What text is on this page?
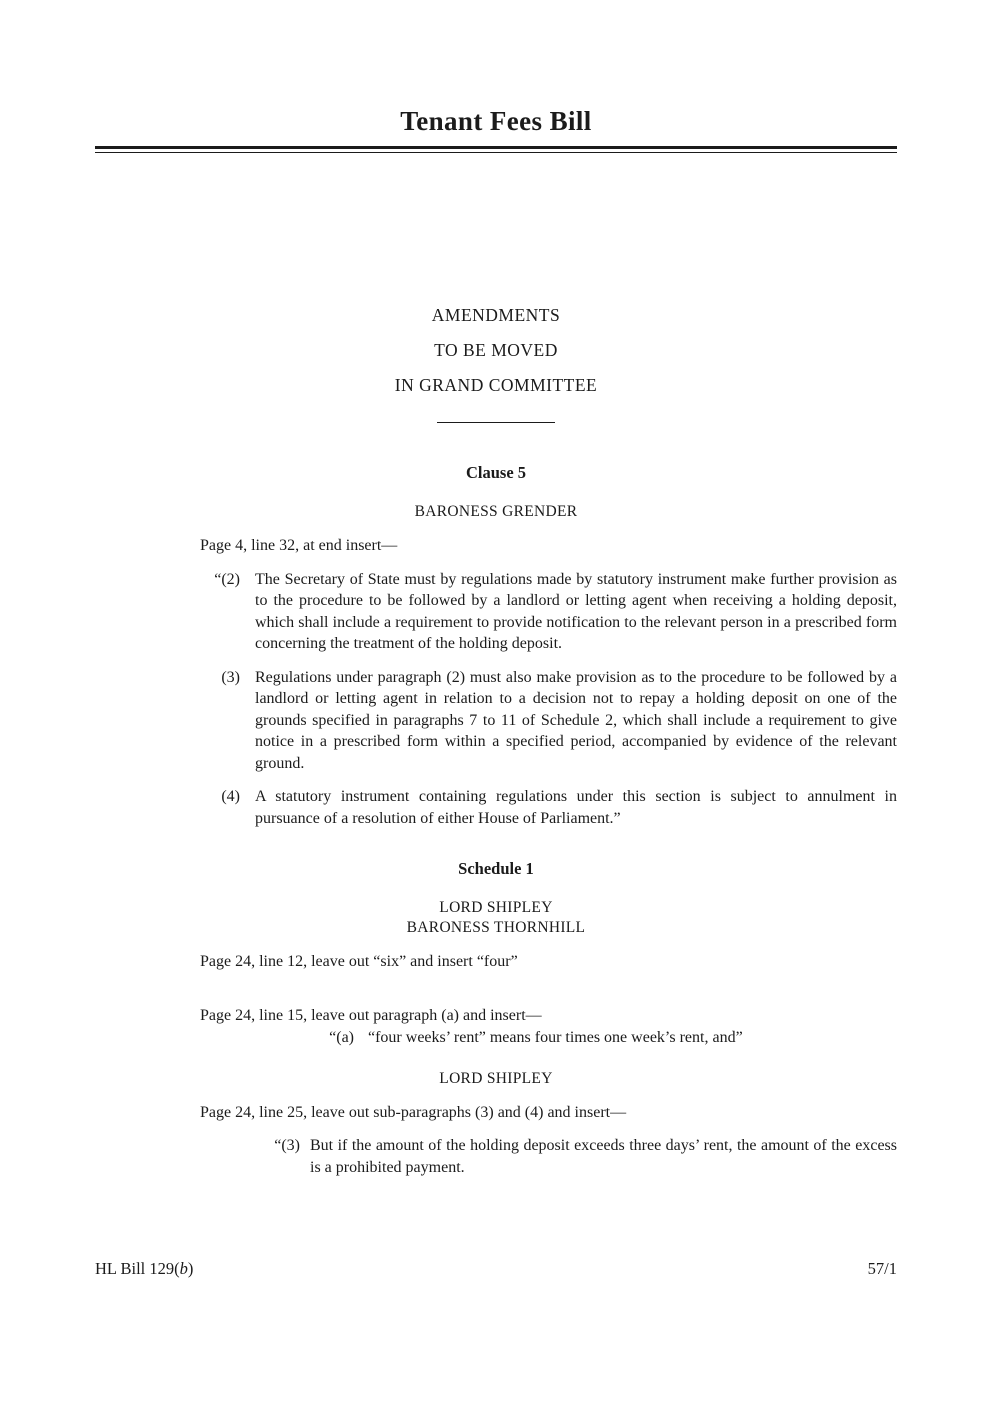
Tenant Fees Bill
AMENDMENTS
TO BE MOVED
IN GRAND COMMITTEE
Clause 5
BARONESS GRENDER
Page 4, line 32, at end insert—
“(2) The Secretary of State must by regulations made by statutory instrument make further provision as to the procedure to be followed by a landlord or letting agent when receiving a holding deposit, which shall include a requirement to provide notification to the relevant person in a prescribed form concerning the treatment of the holding deposit.
(3) Regulations under paragraph (2) must also make provision as to the procedure to be followed by a landlord or letting agent in relation to a decision not to repay a holding deposit on one of the grounds specified in paragraphs 7 to 11 of Schedule 2, which shall include a requirement to give notice in a prescribed form within a specified period, accompanied by evidence of the relevant ground.
(4) A statutory instrument containing regulations under this section is subject to annulment in pursuance of a resolution of either House of Parliament.”
Schedule 1
LORD SHIPLEY
BARONESS THORNHILL
Page 24, line 12, leave out “six” and insert “four”
Page 24, line 15, leave out paragraph (a) and insert—
“(a) “four weeks’ rent” means four times one week’s rent, and”
LORD SHIPLEY
Page 24, line 25, leave out sub-paragraphs (3) and (4) and insert—
“(3) But if the amount of the holding deposit exceeds three days’ rent, the amount of the excess is a prohibited payment.
HL Bill 129(b)	57/1
